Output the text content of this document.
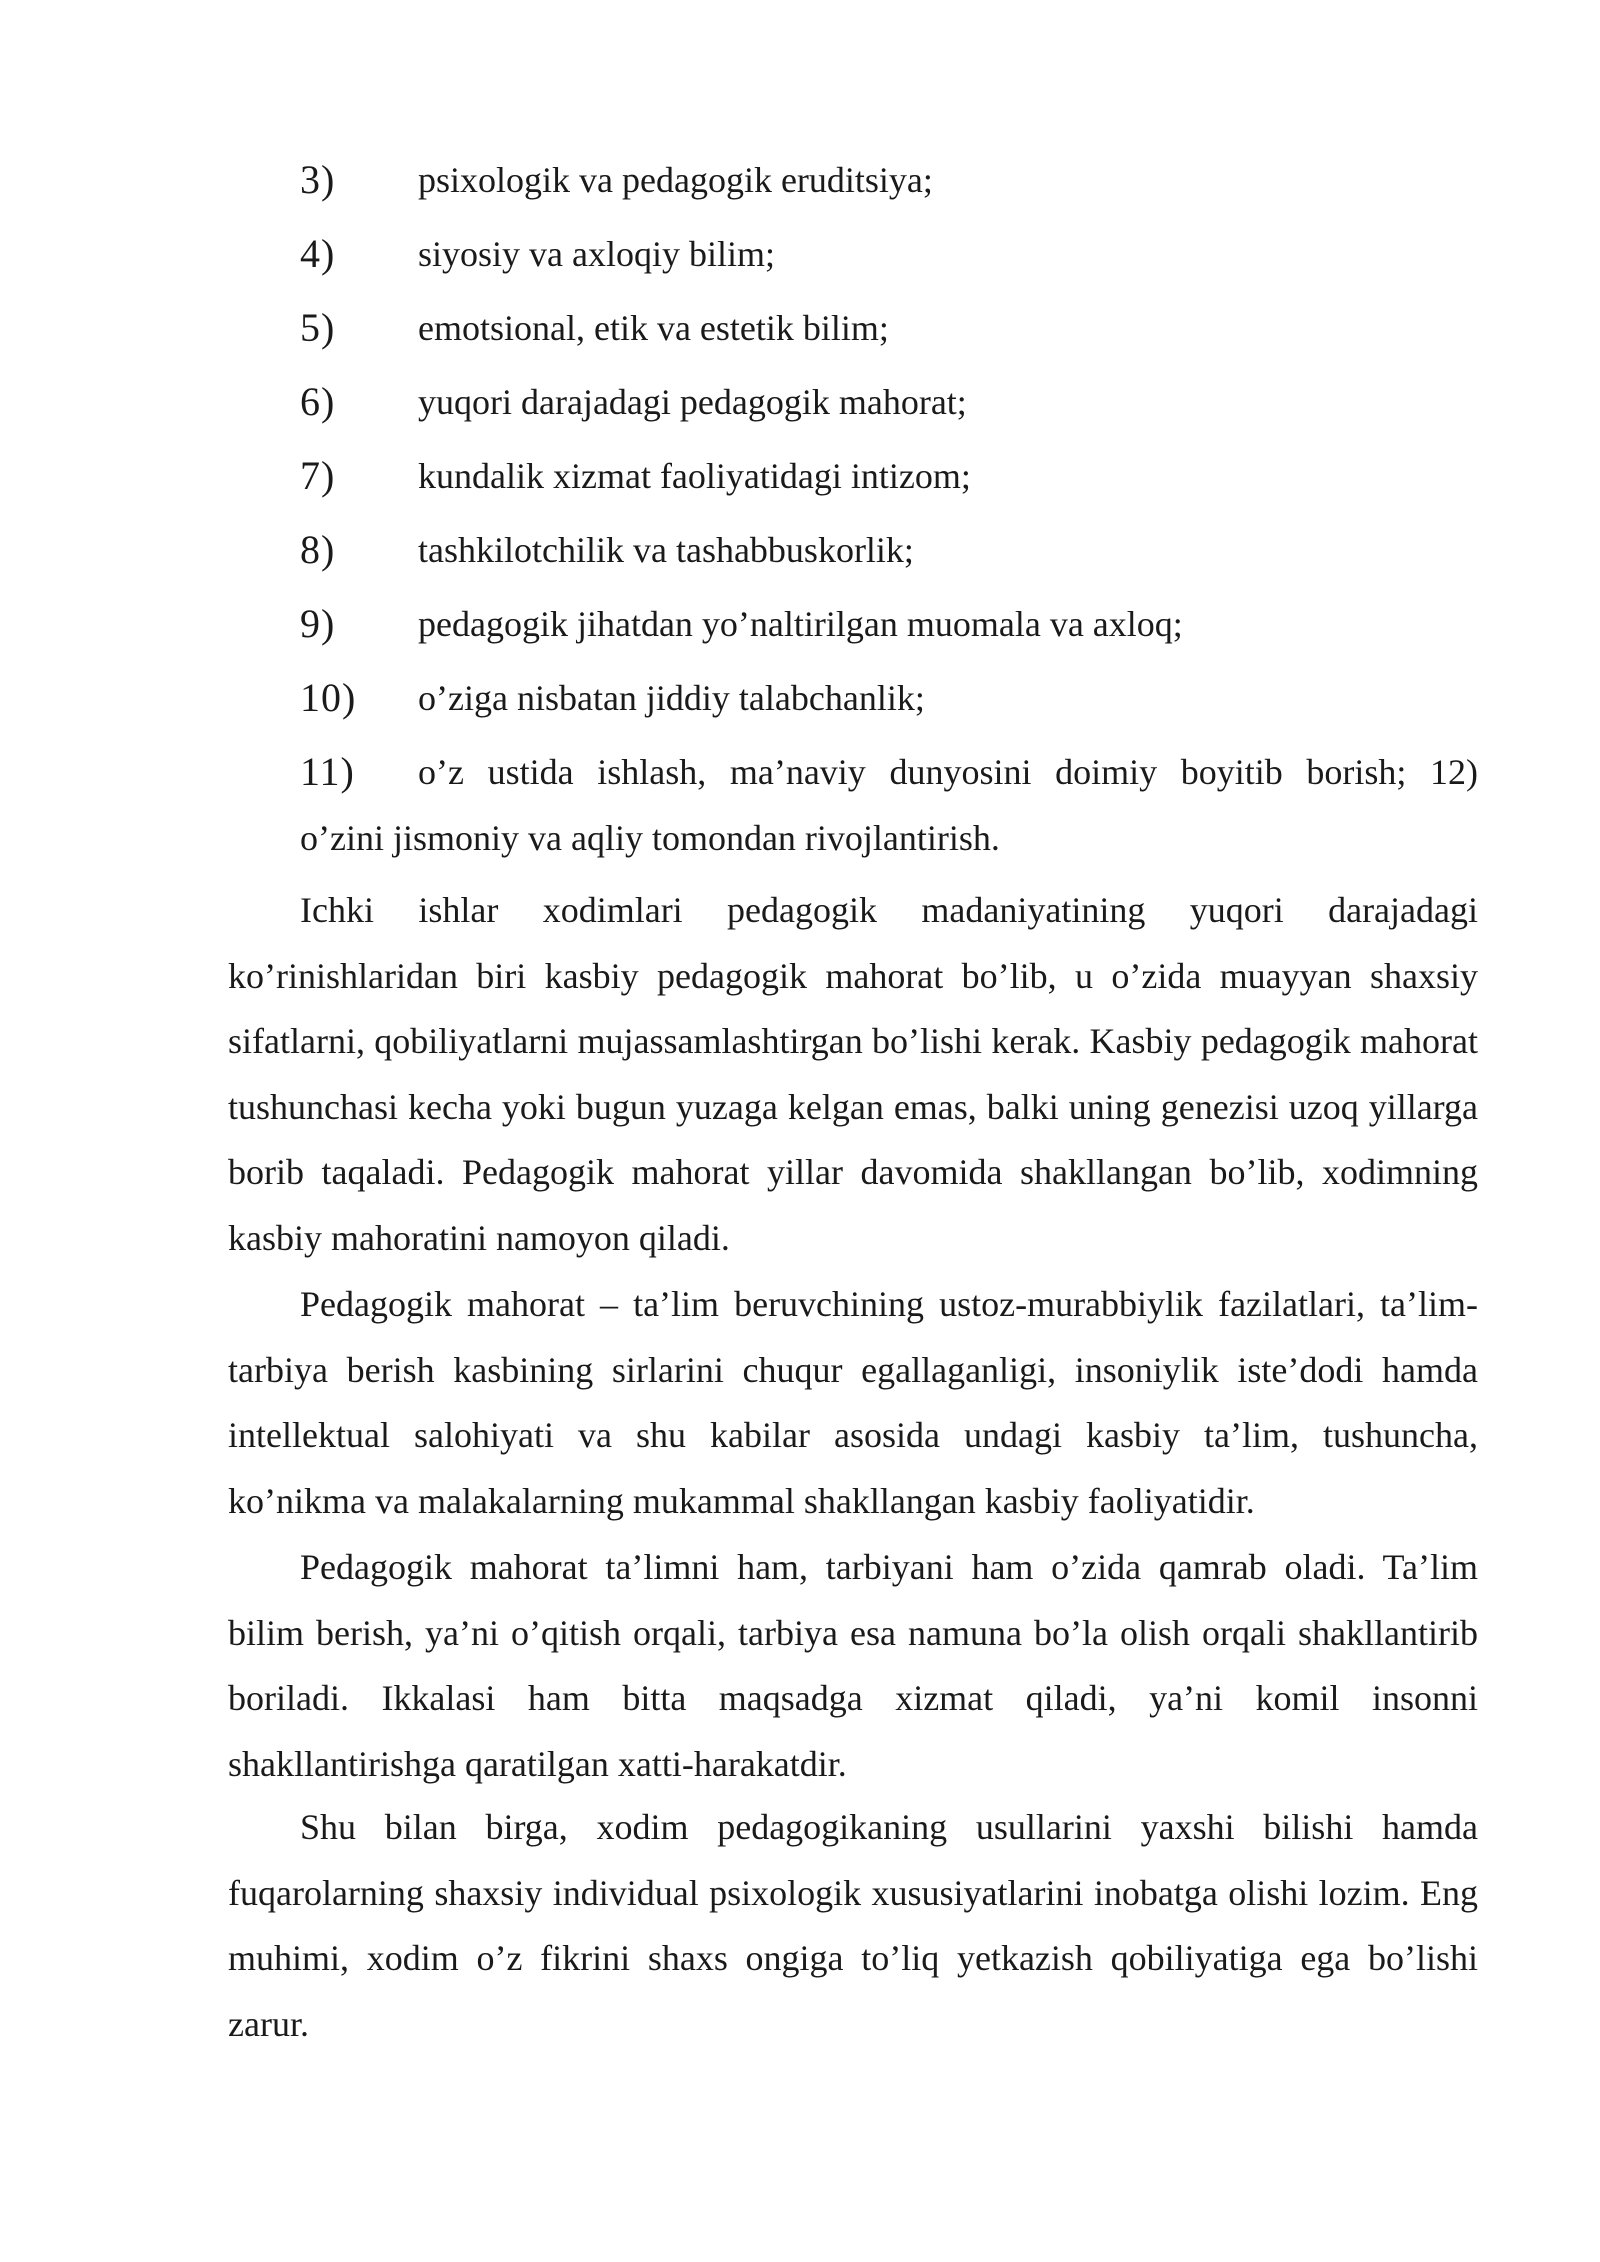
3) psixologik va pedagogik eruditsiya;
4) siyosiy va axloqiy bilim;
5) emotsional, etik va estetik bilim;
6) yuqori darajadagi pedagogik mahorat;
7) kundalik xizmat faoliyatidagi intizom;
8) tashkilotchilik va tashabbuskorlik;
9) pedagogik jihatdan yo’naltirilgan muomala va axloq;
10) o’ziga nisbatan jiddiy talabchanlik;
11) o’z ustida ishlash, ma’naviy dunyosini doimiy boyitib borish; 12)
o’zini jismoniy va aqliy tomondan rivojlantirish.

Ichki ishlar xodimlari pedagogik madaniyatining yuqori darajadagi ko’rinishlaridan biri kasbiy pedagogik mahorat bo’lib, u o’zida muayyan shaxsiy sifatlarni, qobiliyatlarni mujassamlashtirgan bo’lishi kerak. Kasbiy pedagogik mahorat tushunchasi kecha yoki bugun yuzaga kelgan emas, balki uning genezisi uzoq yillarga borib taqaladi. Pedagogik mahorat yillar davomida shakllangan bo’lib, xodimning kasbiy mahoratini namoyon qiladi.

Pedagogik mahorat – ta’lim beruvchining ustoz-murabbiylik fazilatlari, ta’lim-tarbiya berish kasbining sirlarini chuqur egallaganligi, insoniylik iste’dodi hamda intellektual salohiyati va shu kabilar asosida undagi kasbiy ta’lim, tushuncha, ko’nikma va malakalarning mukammal shakllangan kasbiy faoliyatidir.

Pedagogik mahorat ta’limni ham, tarbiyani ham o’zida qamrab oladi. Ta’lim bilim berish, ya’ni o’qitish orqali, tarbiya esa namuna bo’la olish orqali shakllantirib boriladi. Ikkalasi ham bitta maqsadga xizmat qiladi, ya’ni komil insonni shakllantirishga qaratilgan xatti-harakatdir.

Shu bilan birga, xodim pedagogikaning usullarini yaxshi bilishi hamda fuqarolarning shaxsiy individual psixologik xususiyatlarini inobatga olishi lozim. Eng muhimi, xodim o’z fikrini shaxs ongiga to’liq yetkazish qobiliyatiga ega bo’lishi zarur.
